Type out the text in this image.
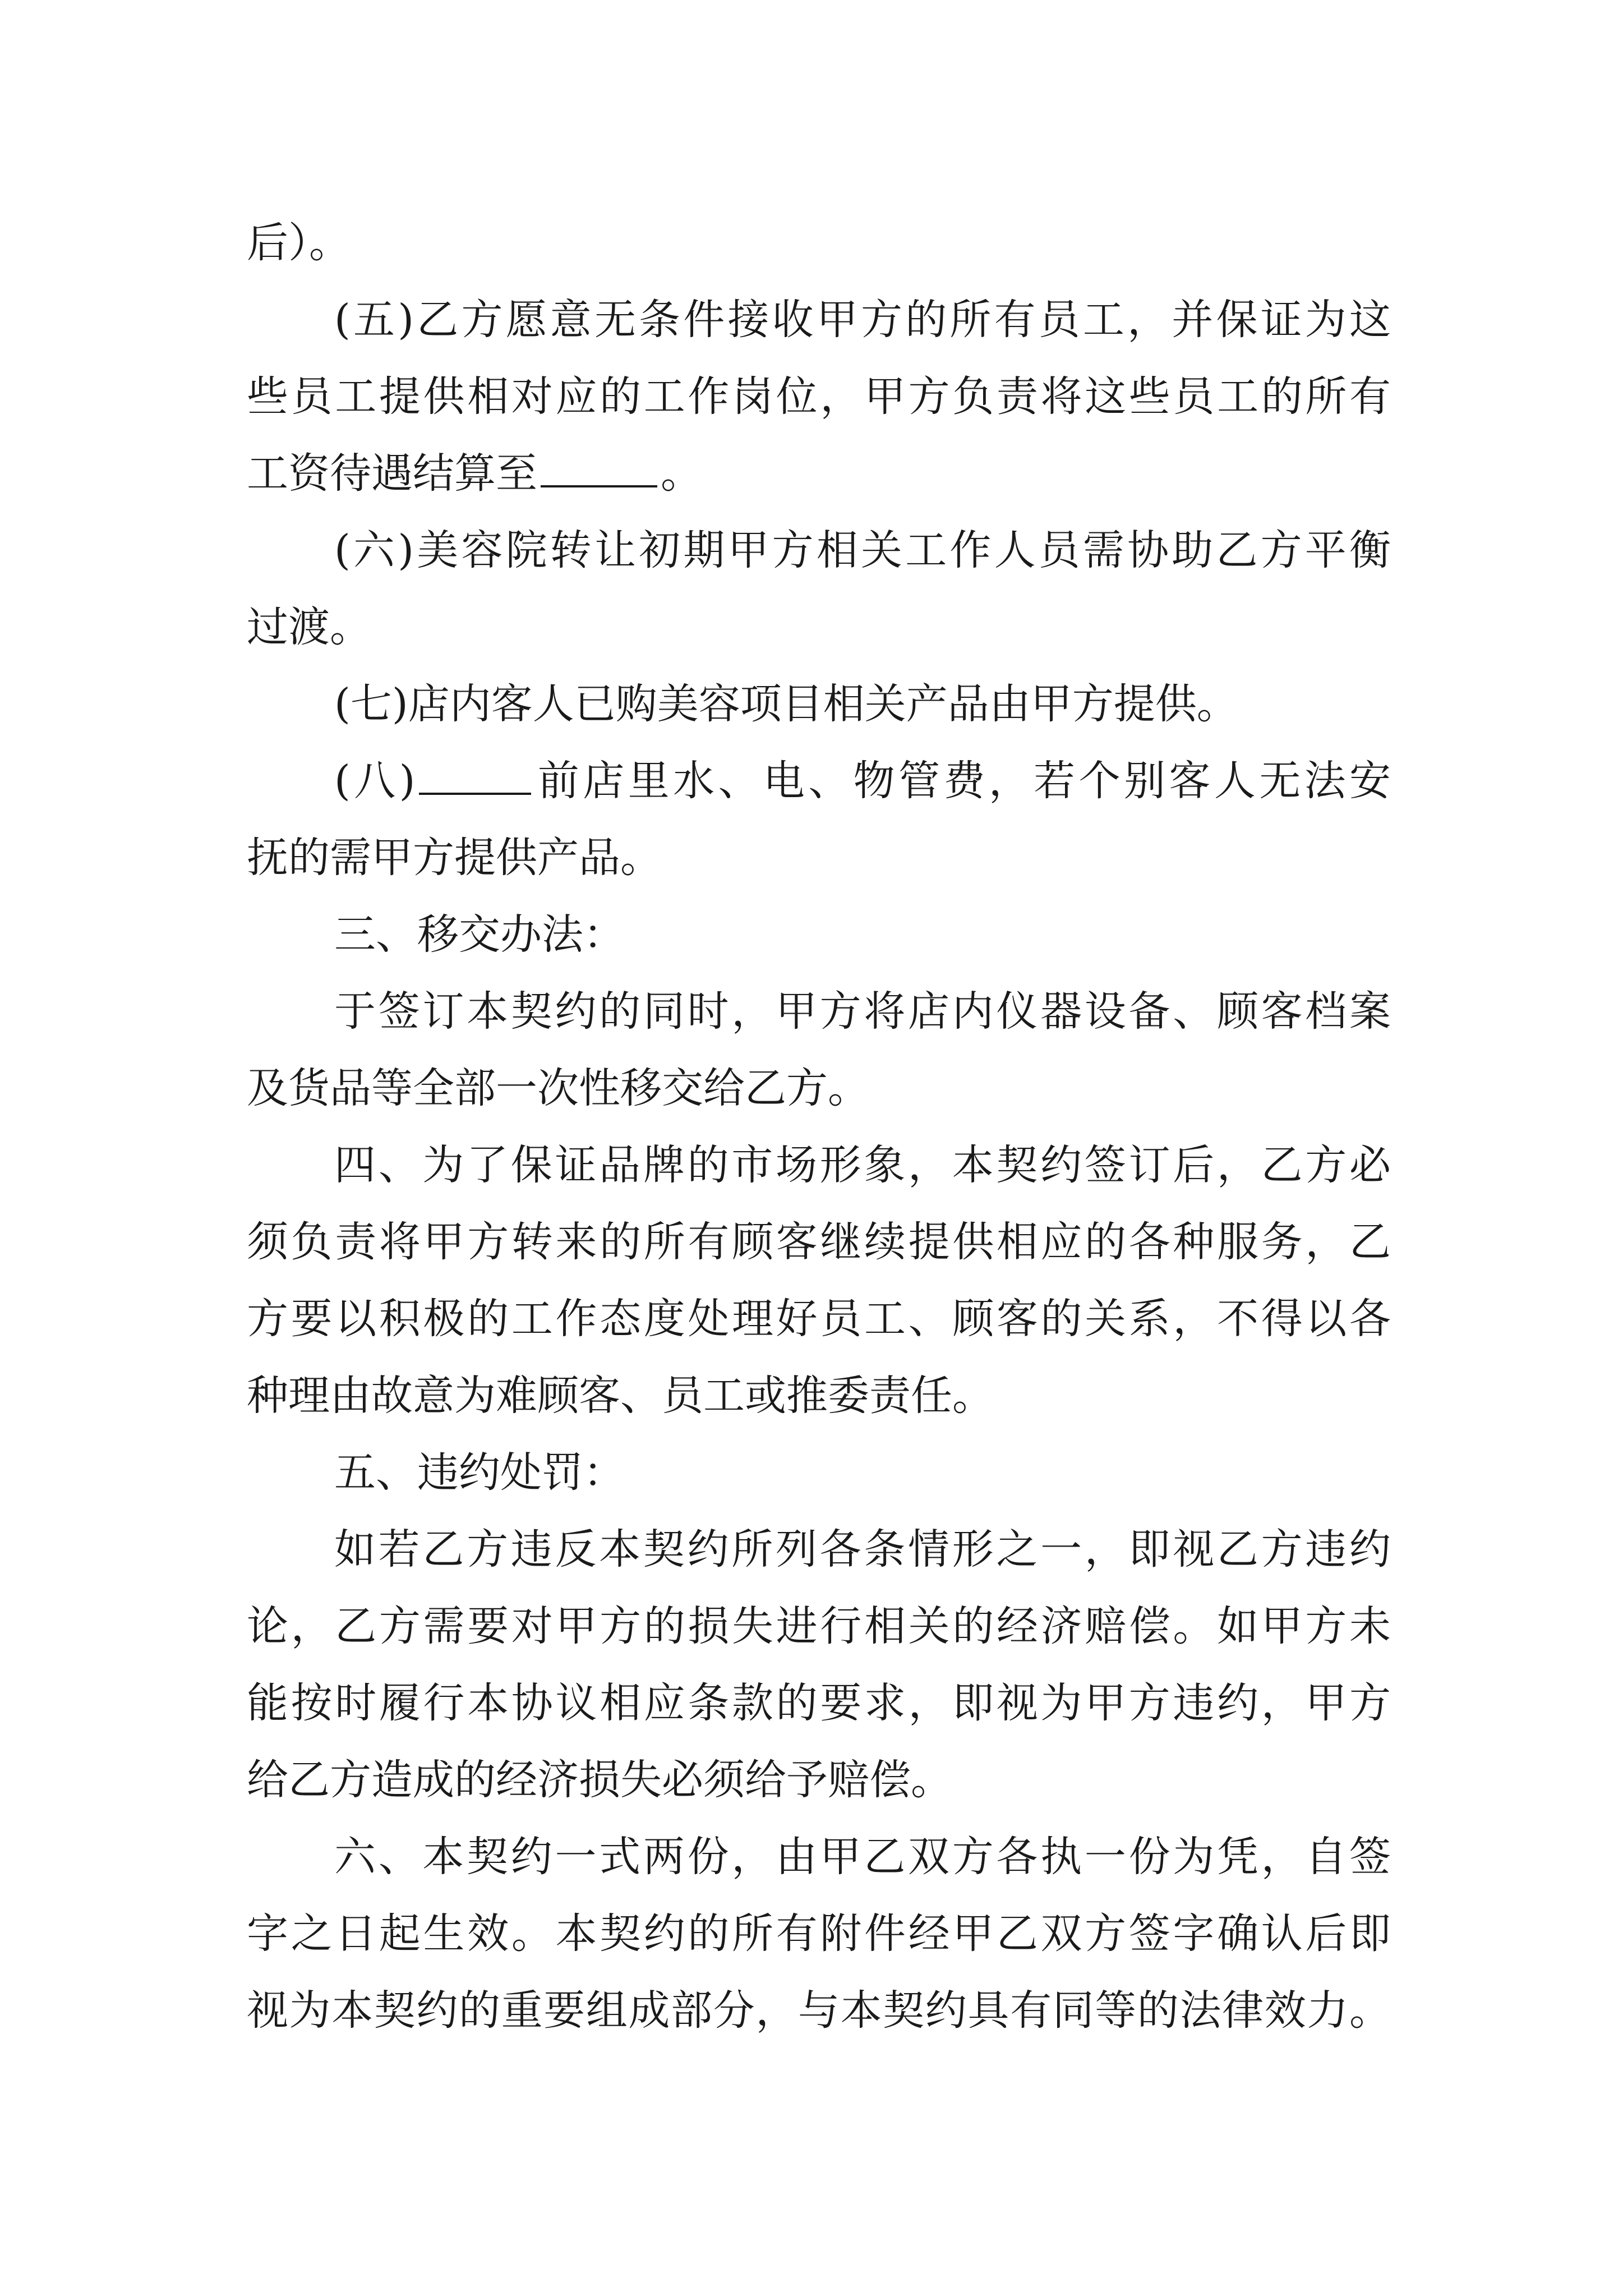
后）。
(五)乙方愿意无条件接收甲方的所有员工，并保证为这
些员工提供相对应的工作岗位，甲方负责将这些员工的所有
工资待遇结算至	。
(六)美容院转让初期甲方相关工作人员需协助乙方平衡
过渡。
(七)店内客人已购美容项目相关产品由甲方提供。
(八)	前店里水、电、物管费，若个别客人无法安
抚的需甲方提供产品。
三、移交办法：
于签订本契约的同时，甲方将店内仪器设备、顾客档案
及货品等全部一次性移交给乙方。
四、为了保证品牌的市场形象，本契约签订后，乙方必
须负责将甲方转来的所有顾客继续提供相应的各种服务，乙
方要以积极的工作态度处理好员工、顾客的关系，不得以各
种理由故意为难顾客、员工或推委责任。
五、违约处罚：
如若乙方违反本契约所列各条情形之一，即视乙方违约
论，乙方需要对甲方的损失进行相关的经济赔偿。如甲方未
能按时履行本协议相应条款的要求，即视为甲方违约，甲方
给乙方造成的经济损失必须给予赔偿。
六、本契约一式两份，由甲乙双方各执一份为凭，自签
字之日起生效。本契约的所有附件经甲乙双方签字确认后即
视为本契约的重要组成部分，与本契约具有同等的法律效力。
